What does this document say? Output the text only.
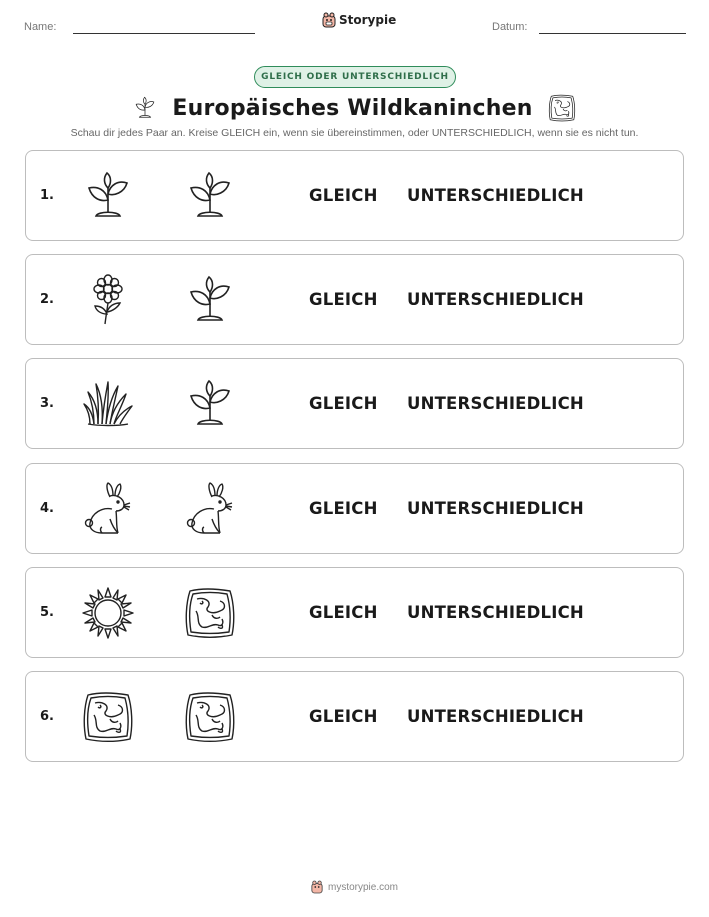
Name:	Storypie	Datum:
GLEICH ODER UNTERSCHIEDLICH
Europäisches Wildkaninchen
Schau dir jedes Paar an. Kreise GLEICH ein, wenn sie übereinstimmen, oder UNTERSCHIEDLICH, wenn sie es nicht tun.
1.	GLEICH UNTERSCHIEDLICH
2.	GLEICH UNTERSCHIEDLICH
3.	GLEICH UNTERSCHIEDLICH
4.	GLEICH UNTERSCHIEDLICH
5.	GLEICH UNTERSCHIEDLICH
6.	GLEICH UNTERSCHIEDLICH
mystorypie.com
